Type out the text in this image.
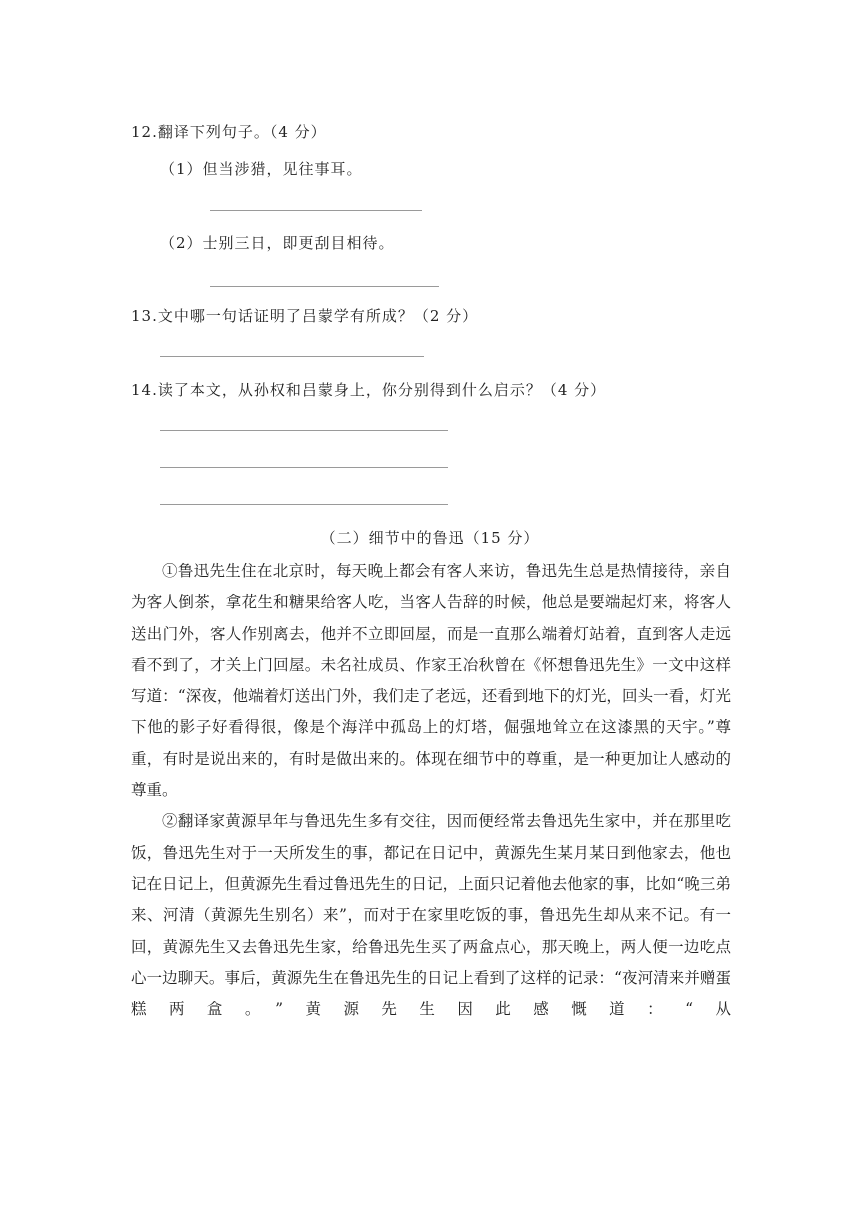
12.翻译下列句子。（4 分）
（1）但当涉猎，见往事耳。
（2）士别三日，即更刮目相待。
13.文中哪一句话证明了吕蒙学有所成？（2 分）
14.读了本文，从孙权和吕蒙身上，你分别得到什么启示？（4 分）
（二）细节中的鲁迅（15 分）

①鲁迅先生住在北京时，每天晚上都会有客人来访，鲁迅先生总是热情接待，亲自为客人倒茶，拿花生和糖果给客人吃，当客人告辞的时候，他总是要端起灯来，将客人送出门外，客人作别离去，他并不立即回屋，而是一直那么端着灯站着，直到客人走远看不到了，才关上门回屋。未名社成员、作家王冶秋曾在《怀想鲁迅先生》一文中这样写道：“深夜，他端着灯送出门外，我们走了老远，还看到地下的灯光，回头一看，灯光下他的影子好看得很，像是个海洋中孤岛上的灯塔，倔强地耸立在这漆黑的天宇。”尊重，有时是说出来的，有时是做出来的。体现在细节中的尊重，是一种更加让人感动的尊重。

②翻译家黄源早年与鲁迅先生多有交往，因而便经常去鲁迅先生家中，并在那里吃饭，鲁迅先生对于一天所发生的事，都记在日记中，黄源先生某月某日到他家去，他也记在日记上，但黄源先生看过鲁迅先生的日记，上面只记着他去他家的事，比如“晚三弟来、河清（黄源先生别名）来”，而对于在家里吃饭的事，鲁迅先生却从来不记。有一回，黄源先生又去鲁迅先生家，给鲁迅先生买了两盒点心，那天晚上，两人便一边吃点心一边聊天。事后，黄源先生在鲁迅先生的日记上看到了这样的记录：“夜河清来并赠蛋糕两盒。”黄源先生因此感慨道：“从
